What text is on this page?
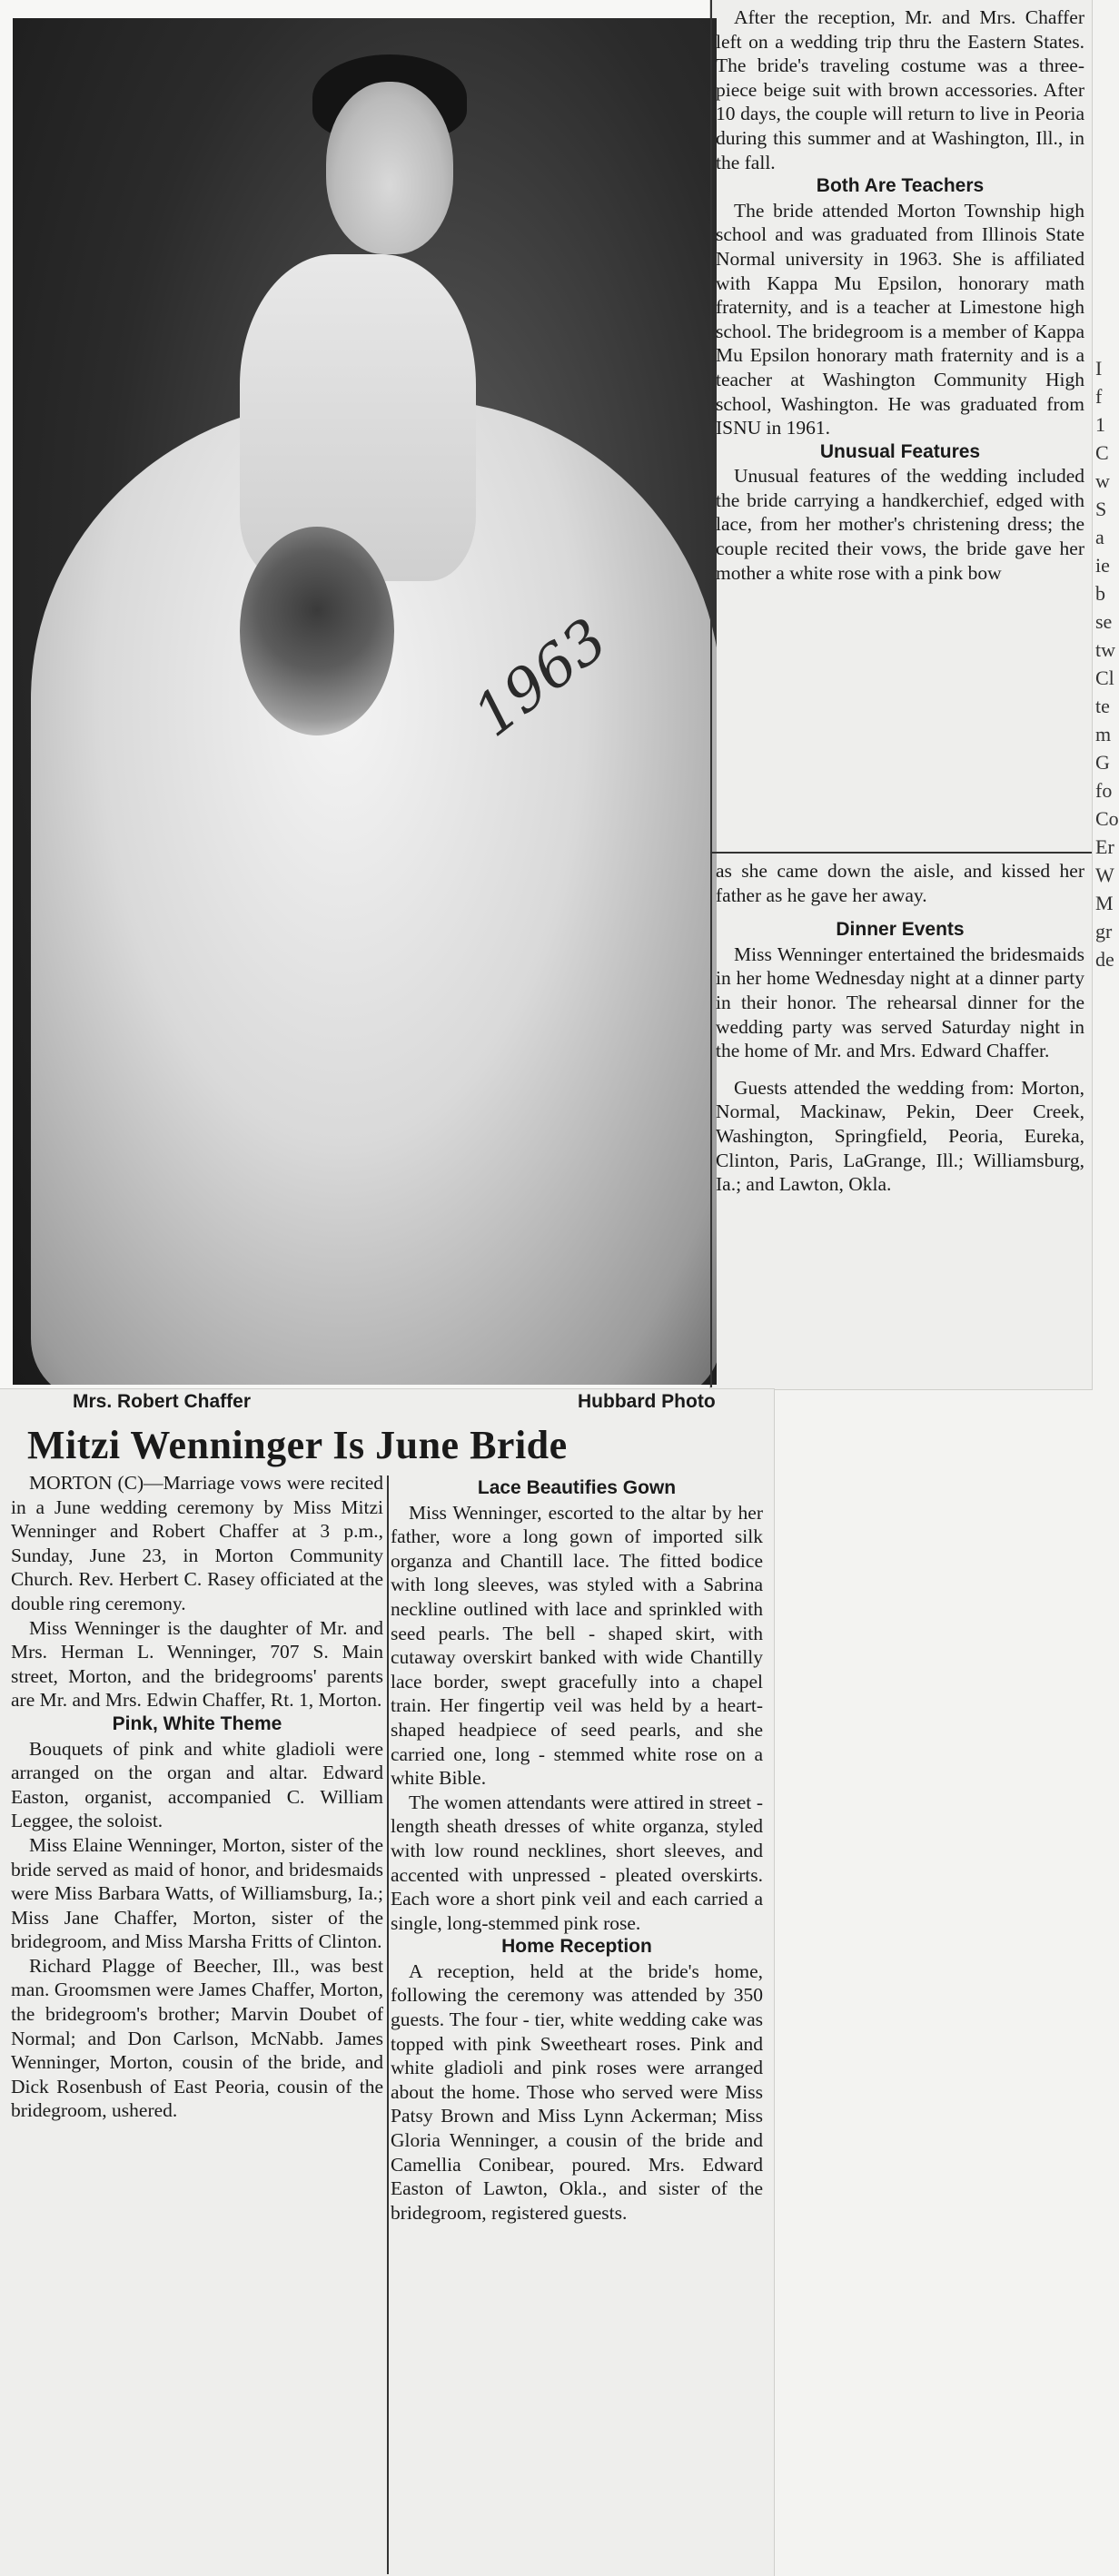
1963

After the reception, Mr. and Mrs. Chaffer left on a wedding trip thru the Eastern States. The bride's traveling costume was a three-piece beige suit with brown accessories. After 10 days, the couple will return to live in Peoria during this summer and at Washington, Ill., in the fall.

Both Are Teachers

The bride attended Morton Township high school and was graduated from Illinois State Normal university in 1963. She is affiliated with Kappa Mu Epsilon, honorary math fraternity, and is a teacher at Limestone high school. The bridegroom is a member of Kappa Mu Epsilon honorary math fraternity and is a teacher at Washington Community High school, Washington. He was graduated from ISNU in 1961.

Unusual Features

Unusual features of the wedding included the bride carrying a handkerchief, edged with lace, from her mother's christening dress; the couple recited their vows, the bride gave her mother a white rose with a pink bow

as she came down the aisle, and kissed her father as he gave her away.

Dinner Events

Miss Wenninger entertained the bridesmaids in her home Wednesday night at a dinner party in their honor. The rehearsal dinner for the wedding party was served Saturday night in the home of Mr. and Mrs. Edward Chaffer.

Guests attended the wedding from: Morton, Normal, Mackinaw, Pekin, Deer Creek, Washington, Springfield, Peoria, Eureka, Clinton, Paris, LaGrange, Ill.; Williamsburg, Ia.; and Lawton, Okla.

I
f
1
C
w
S
a
ie
b
se
tw
Cl
te
m
G
fo
Co
Er
W
M
gr
de
Mrs. Robert Chaffer	Hubbard Photo
Mitzi Wenninger Is June Bride

MORTON (C)—Marriage vows were recited in a June wedding ceremony by Miss Mitzi Wenninger and Robert Chaffer at 3 p.m., Sunday, June 23, in Morton Community Church. Rev. Herbert C. Rasey officiated at the double ring ceremony.

Miss Wenninger is the daughter of Mr. and Mrs. Herman L. Wenninger, 707 S. Main street, Morton, and the bridegrooms' parents are Mr. and Mrs. Edwin Chaffer, Rt. 1, Morton.

Pink, White Theme

Bouquets of pink and white gladioli were arranged on the organ and altar. Edward Easton, organist, accompanied C. William Leggee, the soloist.

Miss Elaine Wenninger, Morton, sister of the bride served as maid of honor, and bridesmaids were Miss Barbara Watts, of Williamsburg, Ia.; Miss Jane Chaffer, Morton, sister of the bridegroom, and Miss Marsha Fritts of Clinton.

Richard Plagge of Beecher, Ill., was best man. Groomsmen were James Chaffer, Morton, the bridegroom's brother; Marvin Doubet of Normal; and Don Carlson, McNabb. James Wenninger, Morton, cousin of the bride, and Dick Rosenbush of East Peoria, cousin of the bridegroom, ushered.

Lace Beautifies Gown

Miss Wenninger, escorted to the altar by her father, wore a long gown of imported silk organza and Chantill lace. The fitted bodice with long sleeves, was styled with a Sabrina neckline outlined with lace and sprinkled with seed pearls. The bell - shaped skirt, with cutaway overskirt banked with wide Chantilly lace border, swept gracefully into a chapel train. Her fingertip veil was held by a heart-shaped headpiece of seed pearls, and she carried one, long - stemmed white rose on a white Bible.

The women attendants were attired in street - length sheath dresses of white organza, styled with low round necklines, short sleeves, and accented with unpressed - pleated overskirts. Each wore a short pink veil and each carried a single, long-stemmed pink rose.

Home Reception

A reception, held at the bride's home, following the ceremony was attended by 350 guests. The four - tier, white wedding cake was topped with pink Sweetheart roses. Pink and white gladioli and pink roses were arranged about the home. Those who served were Miss Patsy Brown and Miss Lynn Ackerman; Miss Gloria Wenninger, a cousin of the bride and Camellia Conibear, poured. Mrs. Edward Easton of Lawton, Okla., and sister of the bridegroom, registered guests.
